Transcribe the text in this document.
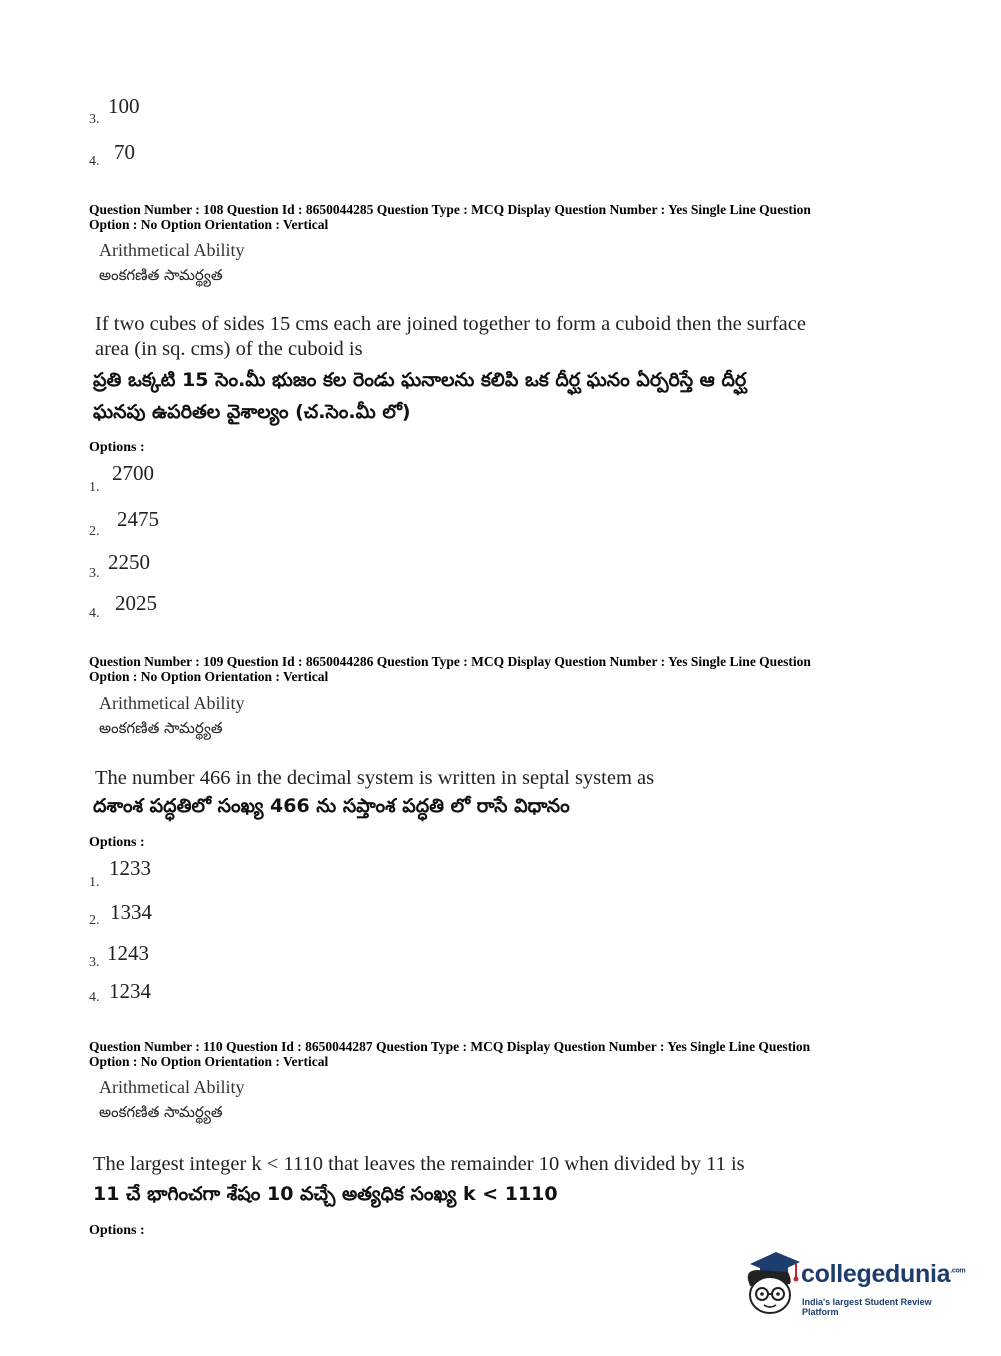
3.
100
4. 70
Question Number : 108 Question Id : 8650044285 Question Type : MCQ Display Question Number : Yes Single Line Question
Option : No Option Orientation : Vertical
Arithmetical Ability
అంకగణిత సామర్థ్యత
If two cubes of sides 15 cms each are joined together to form a cuboid then the surface
area (in sq. cms) of the cuboid is
ప్రతి ఒక్కటి 15 సెం.మీ భుజం కల రెండు ఘనాలను కలిపి ఒక దీర్ఘ ఘనం ఏర్పరిస్తే ఆ దీర్ఘ
ఘనపు ఉపరితల వైశాల్యం (చ.సెం.మీ లో)
Options :
1.
2700
2.
2475
3. 2250
4. 2025
Question Number : 109 Question Id : 8650044286 Question Type : MCQ Display Question Number : Yes Single Line Question
Option : No Option Orientation : Vertical
Arithmetical Ability
అంకగణిత సామర్థ్యత
The number 466 in the decimal system is written in septal system as
దశాంశ పద్ధతిలో సంఖ్య 466 ను సప్తాంశ పద్ధతి లో రాసే విధానం
Options :
1.
1233
2. 1334
3. 1243
4. 1234
Question Number : 110 Question Id : 8650044287 Question Type : MCQ Display Question Number : Yes Single Line Question
Option : No Option Orientation : Vertical
Arithmetical Ability
అంకగణిత సామర్థ్యత
The largest integer k < 1110 that leaves the remainder 10 when divided by 11 is
11 చే భాగించగా శేషం 10 వచ్చే అత్యధిక సంఖ్య k < 1110
Options :
collegedunia$^{.com}$
India's largest Student Review Platform
